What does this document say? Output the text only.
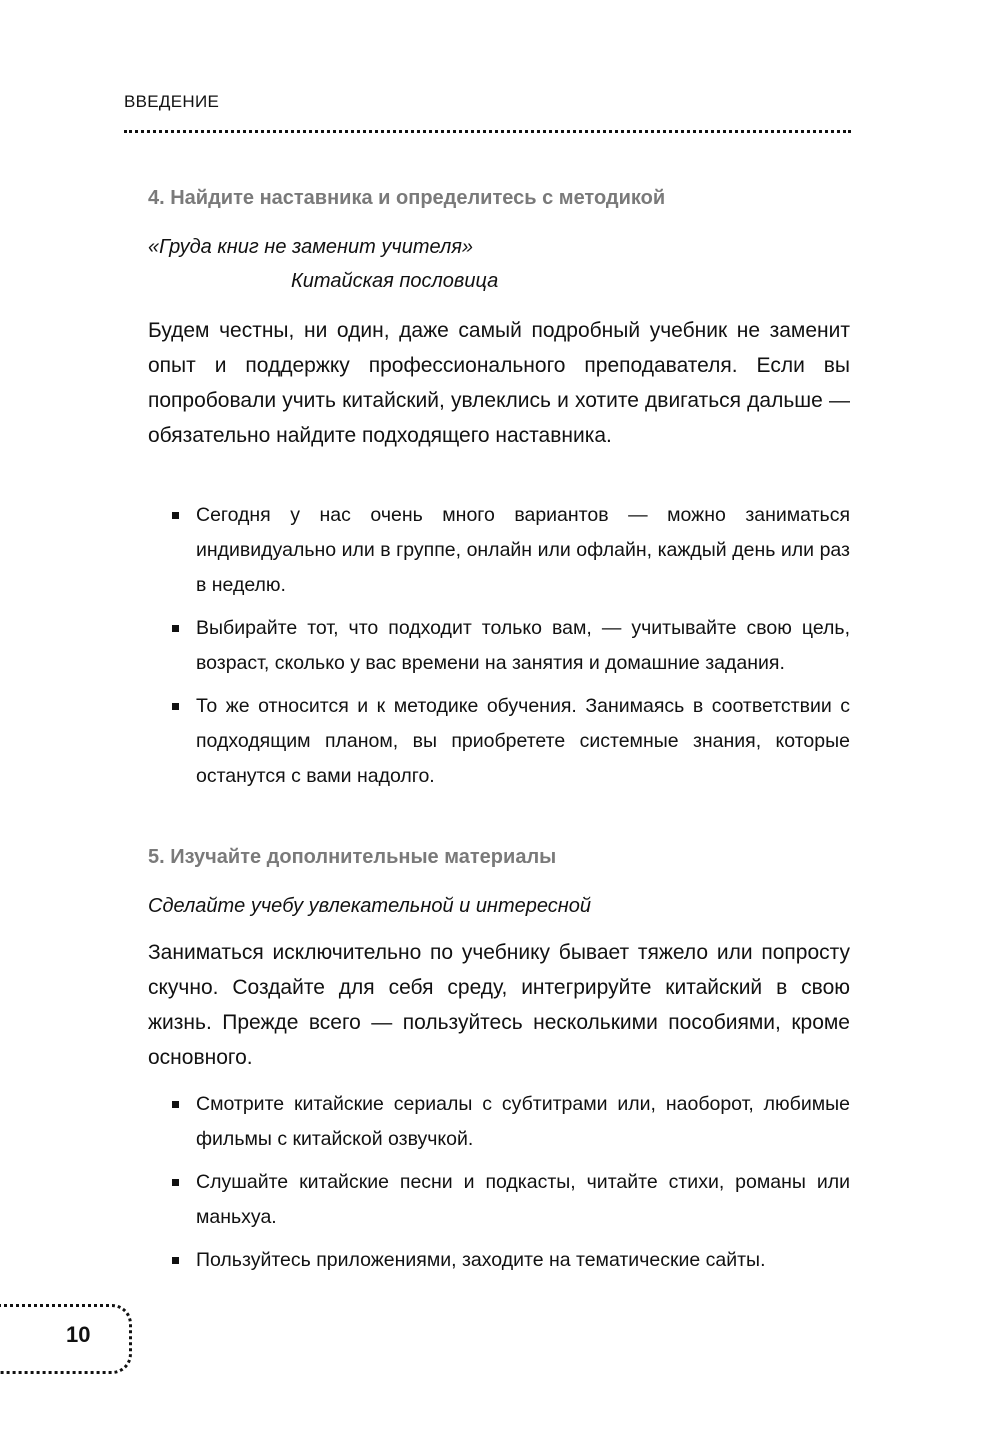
ВВЕДЕНИЕ
4. Найдите наставника и определитесь с методикой

«Груда книг не заменит учителя»

Китайская пословица

Будем честны, ни один, даже самый подробный учебник не заменит опыт и поддержку профессионального преподавателя. Если вы попробовали учить китайский, увлеклись и хотите двигаться дальше — обязательно найдите подходящего наставника.

Сегодня у нас очень много вариантов — можно заниматься индивидуально или в группе, онлайн или офлайн, каждый день или раз в неделю.
Выбирайте тот, что подходит только вам, — учитывайте свою цель, возраст, сколько у вас времени на занятия и домашние задания.
То же относится и к методике обучения. Занимаясь в соответствии с подходящим планом, вы приобретете системные знания, которые останутся с вами надолго.
5. Изучайте дополнительные материалы

Сделайте учебу увлекательной и интересной

Заниматься исключительно по учебнику бывает тяжело или попросту скучно. Создайте для себя среду, интегрируйте китайский в свою жизнь. Прежде всего — пользуйтесь несколькими пособиями, кроме основного.

Смотрите китайские сериалы с субтитрами или, наоборот, любимые фильмы с китайской озвучкой.
Слушайте китайские песни и подкасты, читайте стихи, романы или маньхуа.
Пользуйтесь приложениями, заходите на тематические сайты.
10
